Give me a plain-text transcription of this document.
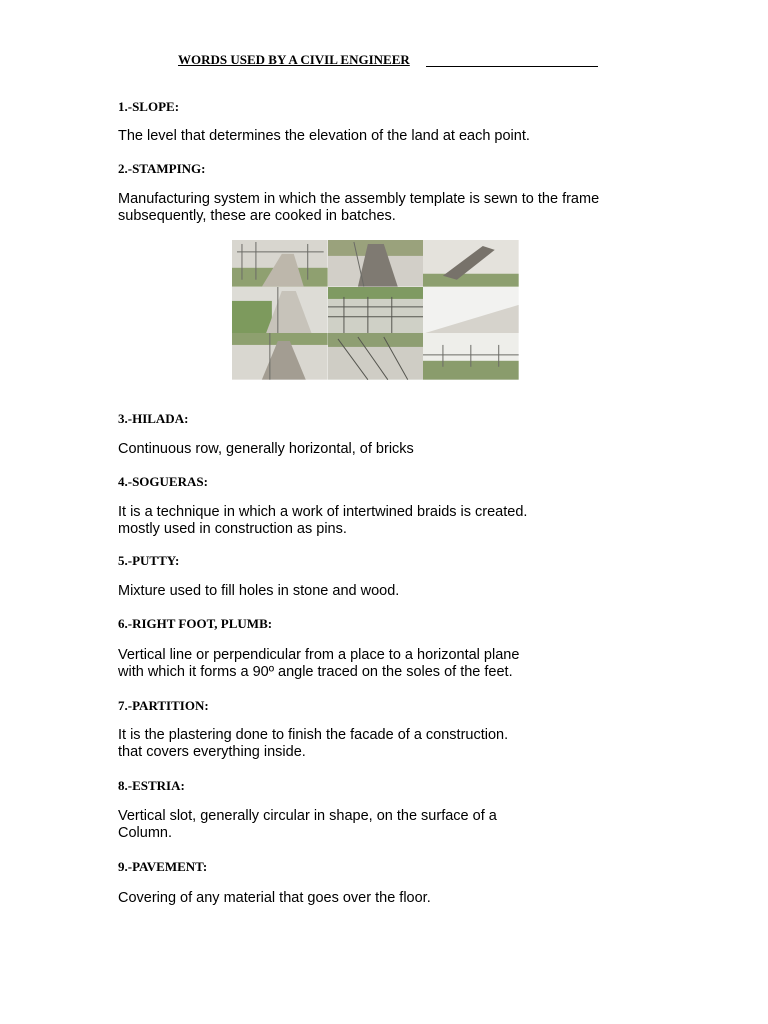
WORDS USED BY A CIVIL ENGINEER
1.-SLOPE:
The level that determines the elevation of the land at each point.
2.-STAMPING:
Manufacturing system in which the assembly template is sewn to the frame
subsequently, these are cooked in batches.
3.-HILADA:
Continuous row, generally horizontal, of bricks
4.-SOGUERAS:
It is a technique in which a work of intertwined braids is created.
mostly used in construction as pins.
5.-PUTTY:
Mixture used to fill holes in stone and wood.
6.-RIGHT FOOT, PLUMB:
Vertical line or perpendicular from a place to a horizontal plane
with which it forms a 90º angle traced on the soles of the feet.
7.-PARTITION:
It is the plastering done to finish the facade of a construction.
that covers everything inside.
8.-ESTRIA:
Vertical slot, generally circular in shape, on the surface of a
Column.
9.-PAVEMENT:
Covering of any material that goes over the floor.
